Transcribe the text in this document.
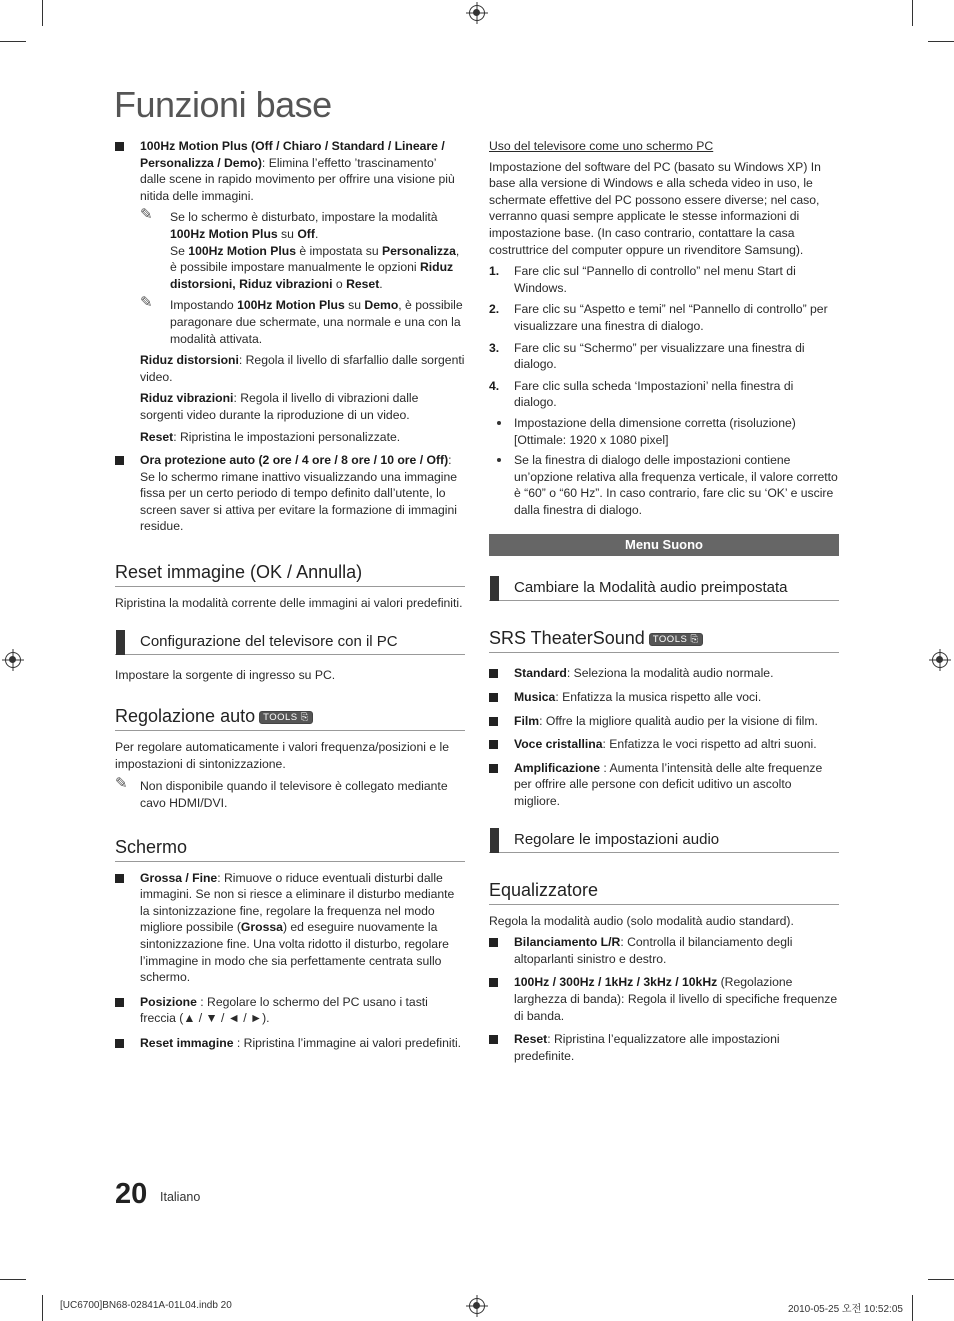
Funzioni base

100Hz Motion Plus (Off / Chiaro / Standard / Lineare / Personalizza / Demo): Elimina l’effetto ’trascinamento’ dalle scene in rapido movimento per offrire una visione più nitida delle immagini.

✎ Se lo schermo è disturbato, impostare la modalità 100Hz Motion Plus su Off.

Se 100Hz Motion Plus è impostata su Personalizza, è possibile impostare manualmente le opzioni Riduz distorsioni, Riduz vibrazioni o Reset.

✎ Impostando 100Hz Motion Plus su Demo, è possibile paragonare due schermate, una normale e una con la modalità attivata.

Riduz distorsioni: Regola il livello di sfarfallio dalle sorgenti video.

Riduz vibrazioni: Regola il livello di vibrazioni dalle sorgenti video durante la riproduzione di un video.

Reset: Ripristina le impostazioni personalizzate.

Ora protezione auto (2 ore / 4 ore / 8 ore / 10 ore / Off): Se lo schermo rimane inattivo visualizzando una immagine fissa per un certo periodo di tempo definito dall’utente, lo screen saver si attiva per evitare la formazione di immagini residue.

Reset immagine (OK / Annulla)

Ripristina la modalità corrente delle immagini ai valori predefiniti.

Configurazione del televisore con il PC

Impostare la sorgente di ingresso su PC.

Regolazione auto TOOLS ⎘

Per regolare automaticamente i valori frequenza/posizioni e le impostazioni di sintonizzazione.

✎ Non disponibile quando il televisore è collegato mediante cavo HDMI/DVI.

Schermo

Grossa / Fine: Rimuove o riduce eventuali disturbi dalle immagini. Se non si riesce a eliminare il disturbo mediante la sintonizzazione fine, regolare la frequenza nel modo migliore possibile (Grossa) ed eseguire nuovamente la sintonizzazione fine. Una volta ridotto il disturbo, regolare l’immagine in modo che sia perfettamente centrata sullo schermo.

Posizione : Regolare lo schermo del PC usano i tasti freccia (▲ / ▼ / ◄ / ►).

Reset immagine : Ripristina l’immagine ai valori predefiniti.

Uso del televisore come uno schermo PC

Impostazione del software del PC (basato su Windows XP) In base alla versione di Windows e alla scheda video in uso, le schermate effettive del PC possono essere diverse; nel caso, verranno quasi sempre applicate le stesse informazioni di impostazione base. (In caso contrario, contattare la casa costruttrice del computer oppure un rivenditore Samsung).

1. Fare clic sul “Pannello di controllo” nel menu Start di Windows.

2. Fare clic su “Aspetto e temi” nel “Pannello di controllo” per visualizzare una finestra di dialogo.

3. Fare clic su “Schermo” per visualizzare una finestra di dialogo.

4. Fare clic sulla scheda ‘Impostazioni’ nella finestra di dialogo.

Impostazione della dimensione corretta (risoluzione) [Ottimale: 1920 x 1080 pixel]

Se la finestra di dialogo delle impostazioni contiene un’opzione relativa alla frequenza verticale, il valore corretto è “60” o “60 Hz”. In caso contrario, fare clic su ‘OK’ e uscire dalla finestra di dialogo.

Menu Suono
Cambiare la Modalità audio preimpostata
SRS TheaterSound TOOLS ⎘

Standard: Seleziona la modalità audio normale.

Musica: Enfatizza la musica rispetto alle voci.

Film: Offre la migliore qualità audio per la visione di film.

Voce cristallina: Enfatizza le voci rispetto ad altri suoni.

Amplificazione : Aumenta l’intensità delle alte frequenze per offrire alle persone con deficit uditivo un ascolto migliore.

Regolare le impostazioni audio
Equalizzatore

Regola la modalità audio (solo modalità audio standard).

Bilanciamento L/R: Controlla il bilanciamento degli altoparlanti sinistro e destro.

100Hz / 300Hz / 1kHz / 3kHz / 10kHz (Regolazione larghezza di banda): Regola il livello di specifiche frequenze di banda.

Reset: Ripristina l’equalizzatore alle impostazioni predefinite.

20 Italiano
[UC6700]BN68-02841A-01L04.indb 20	2010-05-25 오전 10:52:05
